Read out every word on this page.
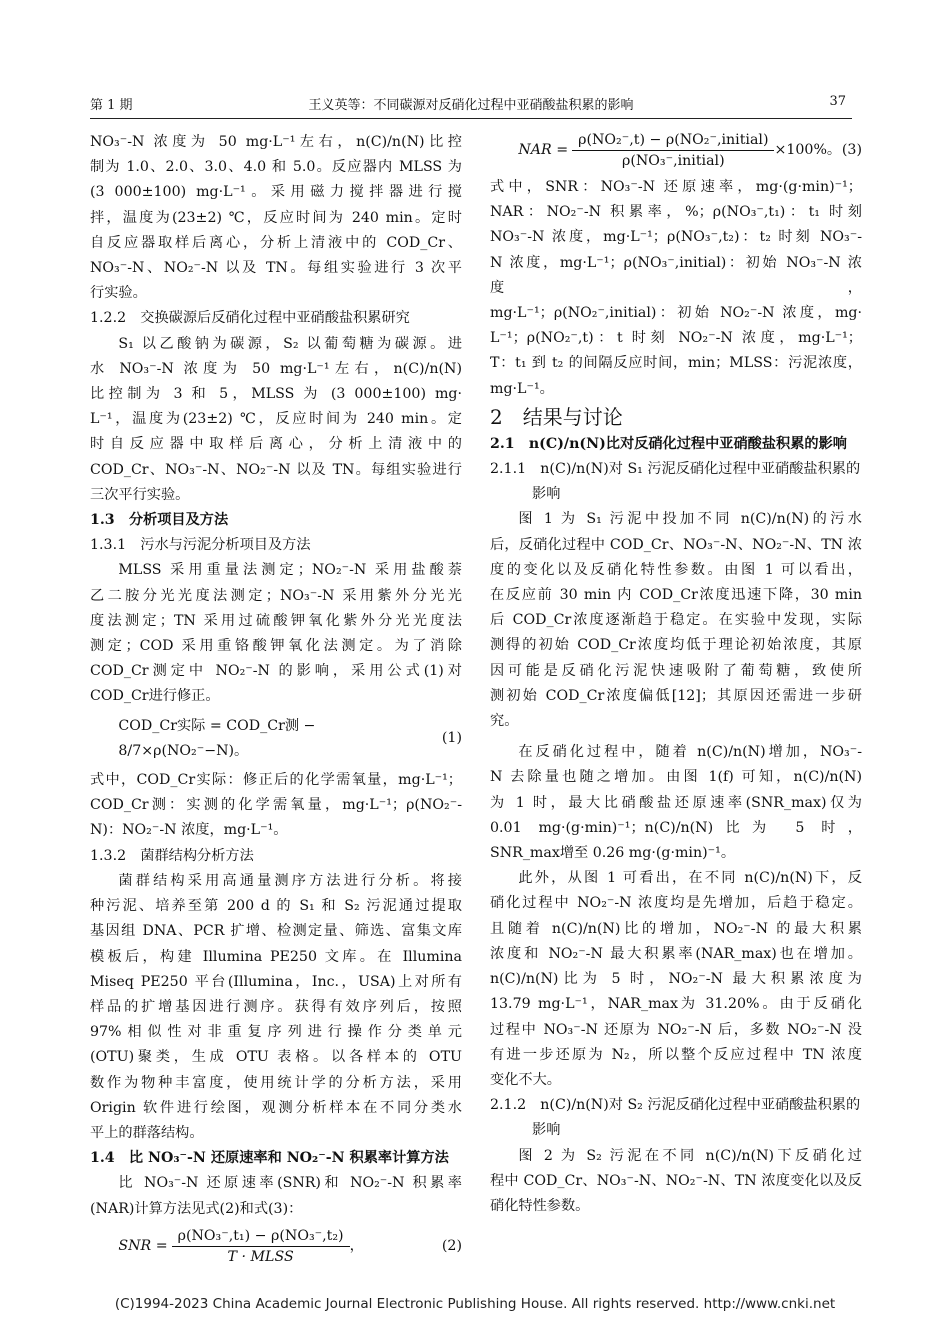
第 1 期	王义英等：不同碳源对反硝化过程中亚硝酸盐积累的影响	37

NO₃⁻-N 浓度为 50 mg·L⁻¹左右，n(C)/n(N)比控

制为 1.0、2.0、3.0、4.0 和 5.0。反应器内 MLSS 为

(3 000±100) mg·L⁻¹。采用磁力搅拌器进行搅

拌，温度为(23±2) ℃，反应时间为 240 min。定时

自反应器取样后离心，分析上清液中的 COD_Cr、

NO₃⁻-N、NO₂⁻-N 以及 TN。每组实验进行 3 次平

行实验。

1.2.2　交换碳源后反硝化过程中亚硝酸盐积累研究

S₁ 以乙酸钠为碳源，S₂ 以葡萄糖为碳源。进

水 NO₃⁻-N 浓度为 50 mg·L⁻¹左右，n(C)/n(N)

比控制为 3 和 5，MLSS 为 (3 000±100) mg·

L⁻¹，温度为(23±2) ℃，反应时间为 240 min。定

时自反应器中取样后离心，分析上清液中的

COD_Cr、NO₃⁻-N、NO₂⁻-N 以及 TN。每组实验进行

三次平行实验。

1.3　分析项目及方法

1.3.1　污水与污泥分析项目及方法

MLSS 采用重量法测定；NO₂⁻-N 采用盐酸萘

乙二胺分光光度法测定；NO₃⁻-N 采用紫外分光光

度法测定；TN 采用过硫酸钾氧化紫外分光光度法

测定；COD 采用重铬酸钾氧化法测定。为了消除

COD_Cr测定中 NO₂⁻-N 的影响，采用公式(1)对

COD_Cr进行修正。

COD_Cr实际 = COD_Cr测 − 8/7×ρ(NO₂⁻−N)。
(1)

式中，COD_Cr实际：修正后的化学需氧量，mg·L⁻¹；

COD_Cr测：实测的化学需氧量，mg·L⁻¹；ρ(NO₂⁻-

N)：NO₂⁻-N 浓度，mg·L⁻¹。

1.3.2　菌群结构分析方法

菌群结构采用高通量测序方法进行分析。将接

种污泥、培养至第 200 d 的 S₁ 和 S₂ 污泥通过提取

基因组 DNA、PCR 扩增、检测定量、筛选、富集文库

模板后，构建 Illumina PE250 文库。在 Illumina

Miseq PE250 平台(Illumina，Inc.，USA)上对所有

样品的扩增基因进行测序。获得有效序列后，按照

97%相似性对非重复序列进行操作分类单元

(OTU)聚类，生成 OTU 表格。以各样本的 OTU

数作为物种丰富度，使用统计学的分析方法，采用

Origin 软件进行绘图，观测分析样本在不同分类水

平上的群落结构。

1.4　比 NO₃⁻-N 还原速率和 NO₂⁻-N 积累率计算方法

比 NO₃⁻-N 还原速率(SNR)和 NO₂⁻-N 积累率

(NAR)计算方法见式(2)和式(3)：

SNR = $\frac{\text{ρ(NO₃⁻,t₁) − ρ(NO₃⁻,t₂)}}{\text{T · MLSS}}$ ，	(2)
NAR = $\frac{\text{ρ(NO₂⁻,t) − ρ(NO₂⁻,initial)}}{\text{ρ(NO₃⁻,initial)}} \times 100\%$。 (3)

式中，SNR：NO₃⁻-N 还原速率，mg·(g·min)⁻¹；

NAR：NO₂⁻-N 积累率，%；ρ(NO₃⁻,t₁)：t₁ 时刻

NO₃⁻-N 浓度，mg·L⁻¹；ρ(NO₃⁻,t₂)：t₂ 时刻 NO₃⁻-

N 浓度，mg·L⁻¹；ρ(NO₃⁻,initial)：初始 NO₃⁻-N 浓度，

mg·L⁻¹；ρ(NO₂⁻,initial)：初始 NO₂⁻-N 浓度，mg·

L⁻¹；ρ(NO₂⁻,t)：t 时刻 NO₂⁻-N 浓度，mg·L⁻¹；

T：t₁ 到 t₂ 的间隔反应时间，min；MLSS：污泥浓度，

mg·L⁻¹。

2　结果与讨论

2.1　n(C)/n(N)比对反硝化过程中亚硝酸盐积累的影响

2.1.1　n(C)/n(N)对 S₁ 污泥反硝化过程中亚硝酸盐积累的影响

图 1 为 S₁ 污泥中投加不同 n(C)/n(N)的污水

后，反硝化过程中 COD_Cr、NO₃⁻-N、NO₂⁻-N、TN 浓

度的变化以及反硝化特性参数。由图 1 可以看出，

在反应前 30 min 内 COD_Cr浓度迅速下降，30 min

后 COD_Cr浓度逐渐趋于稳定。在实验中发现，实际

测得的初始 COD_Cr浓度均低于理论初始浓度，其原

因可能是反硝化污泥快速吸附了葡萄糖，致使所

测初始 COD_Cr浓度偏低[12]；其原因还需进一步研

究。

在反硝化过程中，随着 n(C)/n(N)增加，NO₃⁻-

N 去除量也随之增加。由图 1(f) 可知，n(C)/n(N)

为 1 时，最大比硝酸盐还原速率(SNR_max)仅为

0.01 mg·(g·min)⁻¹；n(C)/n(N)比为 5 时，

SNR_max增至 0.26 mg·(g·min)⁻¹。

此外，从图 1 可看出，在不同 n(C)/n(N)下，反

硝化过程中 NO₂⁻-N 浓度均是先增加，后趋于稳定。

且随着 n(C)/n(N)比的增加，NO₂⁻-N 的最大积累

浓度和 NO₂⁻-N 最大积累率(NAR_max)也在增加。

n(C)/n(N)比为 5 时，NO₂⁻-N 最大积累浓度为

13.79 mg·L⁻¹，NAR_max为 31.20%。由于反硝化

过程中 NO₃⁻-N 还原为 NO₂⁻-N 后，多数 NO₂⁻-N 没

有进一步还原为 N₂，所以整个反应过程中 TN 浓度

变化不大。

2.1.2　n(C)/n(N)对 S₂ 污泥反硝化过程中亚硝酸盐积累的影响

图 2 为 S₂ 污泥在不同 n(C)/n(N)下反硝化过

程中 COD_Cr、NO₃⁻-N、NO₂⁻-N、TN 浓度变化以及反

硝化特性参数。

(C)1994-2023 China Academic Journal Electronic Publishing House. All rights reserved. http://www.cnki.net
